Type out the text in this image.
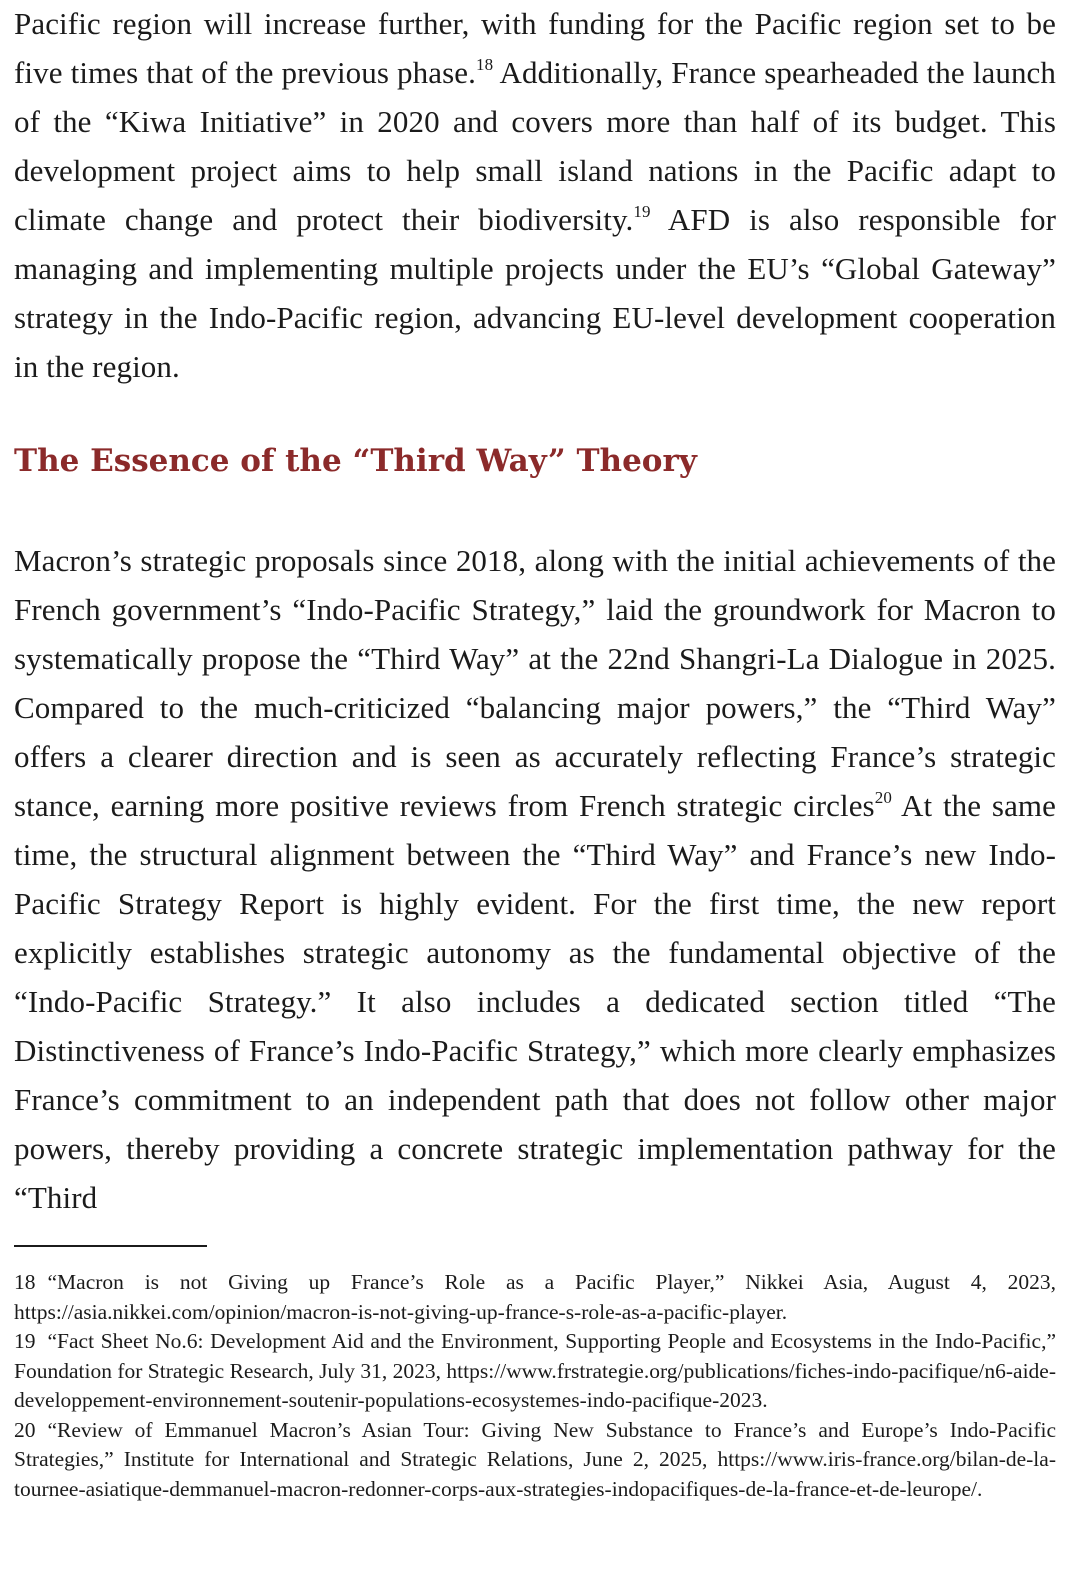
Pacific region will increase further, with funding for the Pacific region set to be five times that of the previous phase.$^{18}$ Additionally, France spearheaded the launch of the “Kiwa Initiative” in 2020 and covers more than half of its budget. This development project aims to help small island nations in the Pacific adapt to climate change and protect their biodiversity.$^{19}$ AFD is also responsible for managing and implementing multiple projects under the EU’s “Global Gateway” strategy in the Indo-Pacific region, advancing EU-level development cooperation in the region.

The Essence of the “Third Way” Theory

Macron’s strategic proposals since 2018, along with the initial achievements of the French government’s “Indo-Pacific Strategy,” laid the groundwork for Macron to systematically propose the “Third Way” at the 22nd Shangri-La Dialogue in 2025. Compared to the much-criticized “balancing major powers,” the “Third Way” offers a clearer direction and is seen as accurately reflecting France’s strategic stance, earning more positive reviews from French strategic circles$^{20}$ At the same time, the structural alignment between the “Third Way” and France’s new Indo-Pacific Strategy Report is highly evident. For the first time, the new report explicitly establishes strategic autonomy as the fundamental objective of the “Indo-Pacific Strategy.” It also includes a dedicated section titled “The Distinctiveness of France’s Indo-Pacific Strategy,” which more clearly emphasizes France’s commitment to an independent path that does not follow other major powers, thereby providing a concrete strategic implementation pathway for the “Third

18 “Macron is not Giving up France’s Role as a Pacific Player,” Nikkei Asia, August 4, 2023, https://asia.nikkei.com/opinion/macron-is-not-giving-up-france-s-role-as-a-pacific-player.

19 “Fact Sheet No.6: Development Aid and the Environment, Supporting People and Ecosystems in the Indo-Pacific,” Foundation for Strategic Research, July 31, 2023, https://www.frstrategie.org/publications/fiches-indo-pacifique/n6-aide-developpement-environnement-soutenir-populations-ecosystemes-indo-pacifique-2023.

20 “Review of Emmanuel Macron’s Asian Tour: Giving New Substance to France’s and Europe’s Indo-Pacific Strategies,” Institute for International and Strategic Relations, June 2, 2025, https://www.iris-france.org/bilan-de-la-tournee-asiatique-demmanuel-macron-redonner-corps-aux-strategies-indopacifiques-de-la-france-et-de-leurope/.
